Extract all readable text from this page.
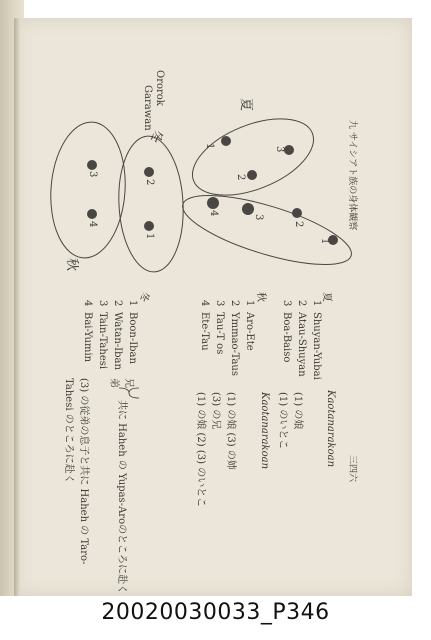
1	3
2
4
3
2
1
2
1
3
4
Ororok
Garawan	夏
冬
秋
九 サイシアト族の身体観察
三四六
夏
Kaotanarakoan
1
Shuyan-Yubai
2
Atau-Shuyan
(1) の娘
3
Boa-Baiso
(1) のいとこ
秋
Kaotanarakoan
1
Aro-Ete
2
Ymmao-Taus
(1) の娘 (3) の姉
3
Tau-T os
(3) の兄
4
Ete-Tau
(1) の娘 (2) (3) のいとこ
冬
1
Boon-Iban
兄
2
Watan-Iban
弟
共に Haheh の Yupas-Aroのところに赴く
3
Tain-Tahesi
4
Bai-Yumin
(3) の従弟の息子と共に Haheh の Taro-
Tahesi のところに赴く
20020030033_P346
